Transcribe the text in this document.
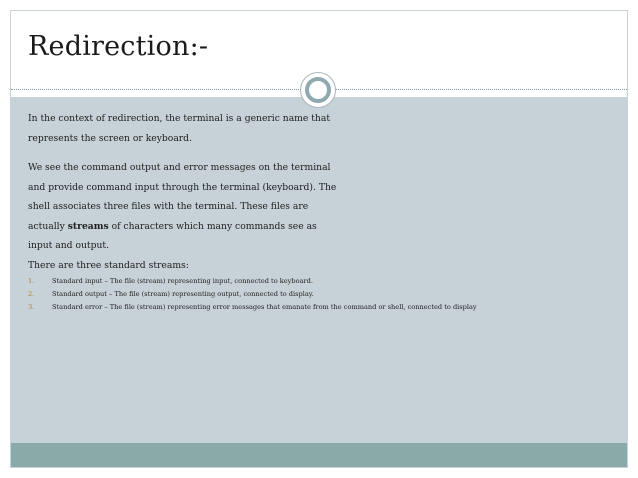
Redirection:-

In the context of redirection, the terminal is a generic name that

represents the screen or keyboard.

We see the command output and error messages on the terminal

and provide command input through the terminal (keyboard). The

shell associates three files with the terminal. These files are

actually streams of characters which many commands see as

input and output.

There are three standard streams:

1.	Standard input – The file (stream) representing input, connected to keyboard.
2.	Standard output – The file (stream) representing output, connected to display.
3.	Standard error – The file (stream) representing error messages that emanate from the command or shell, connected to display
